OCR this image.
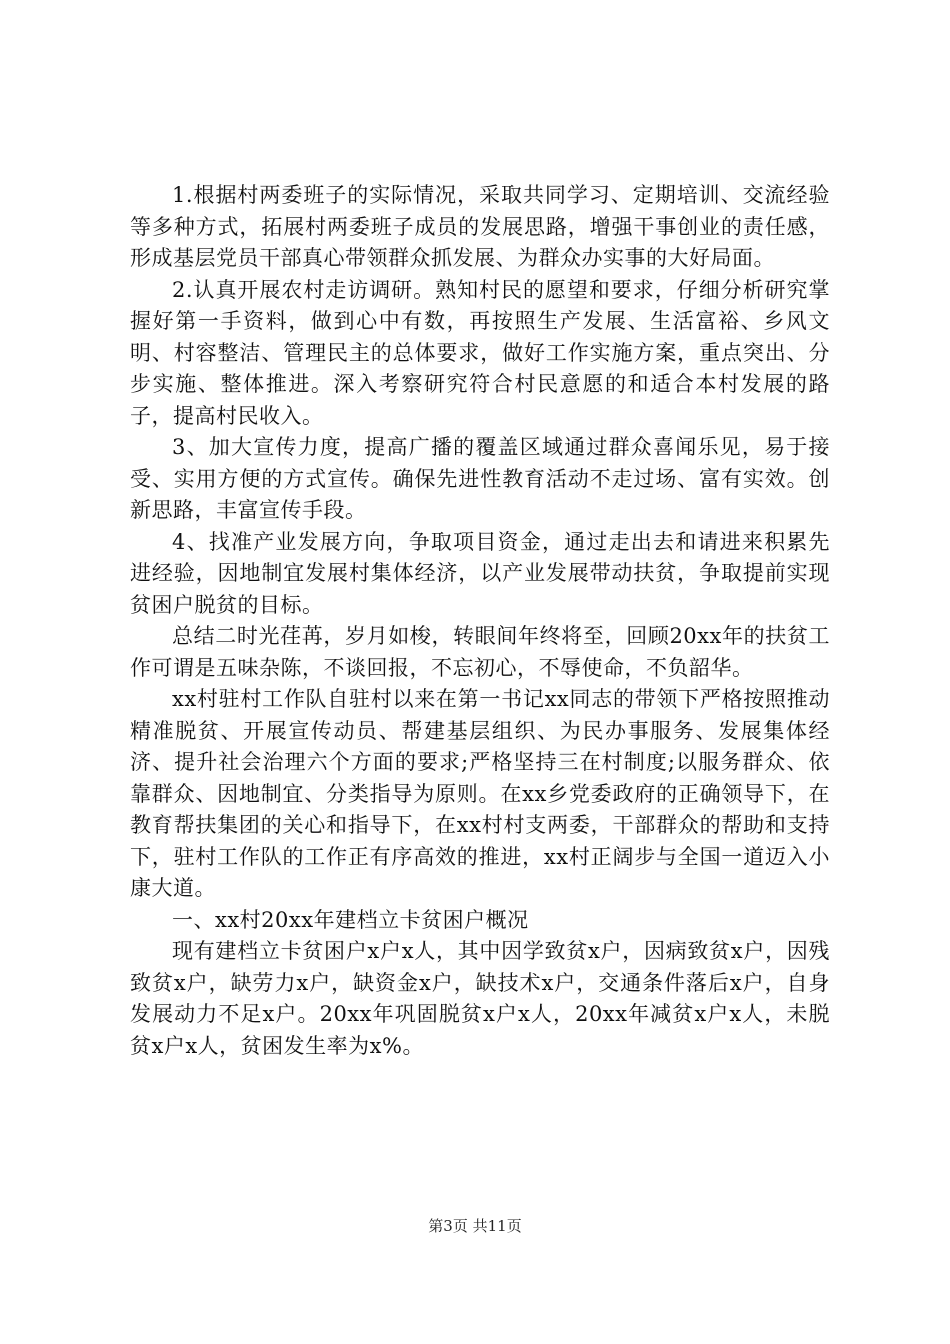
1.根据村两委班子的实际情况，采取共同学习、定期培训、交流经验等多种方式，拓展村两委班子成员的发展思路，增强干事创业的责任感，形成基层党员干部真心带领群众抓发展、为群众办实事的大好局面。

2.认真开展农村走访调研。熟知村民的愿望和要求，仔细分析研究掌握好第一手资料，做到心中有数，再按照生产发展、生活富裕、乡风文明、村容整洁、管理民主的总体要求，做好工作实施方案，重点突出、分步实施、整体推进。深入考察研究符合村民意愿的和适合本村发展的路子，提高村民收入。

3、加大宣传力度，提高广播的覆盖区域通过群众喜闻乐见，易于接受、实用方便的方式宣传。确保先进性教育活动不走过场、富有实效。创新思路，丰富宣传手段。

4、找准产业发展方向，争取项目资金，通过走出去和请进来积累先进经验，因地制宜发展村集体经济，以产业发展带动扶贫，争取提前实现贫困户脱贫的目标。

总结二时光荏苒，岁月如梭，转眼间年终将至，回顾20xx年的扶贫工作可谓是五味杂陈，不谈回报，不忘初心，不辱使命，不负韶华。

xx村驻村工作队自驻村以来在第一书记xx同志的带领下严格按照推动精准脱贫、开展宣传动员、帮建基层组织、为民办事服务、发展集体经济、提升社会治理六个方面的要求;严格坚持三在村制度;以服务群众、依靠群众、因地制宜、分类指导为原则。在xx乡党委政府的正确领导下，在教育帮扶集团的关心和指导下，在xx村村支两委，干部群众的帮助和支持下，驻村工作队的工作正有序高效的推进，xx村正阔步与全国一道迈入小康大道。

一、xx村20xx年建档立卡贫困户概况

现有建档立卡贫困户x户x人，其中因学致贫x户，因病致贫x户，因残致贫x户，缺劳力x户，缺资金x户，缺技术x户，交通条件落后x户，自身发展动力不足x户。20xx年巩固脱贫x户x人，20xx年减贫x户x人，未脱贫x户x人，贫困发生率为x%。

第3页 共11页
